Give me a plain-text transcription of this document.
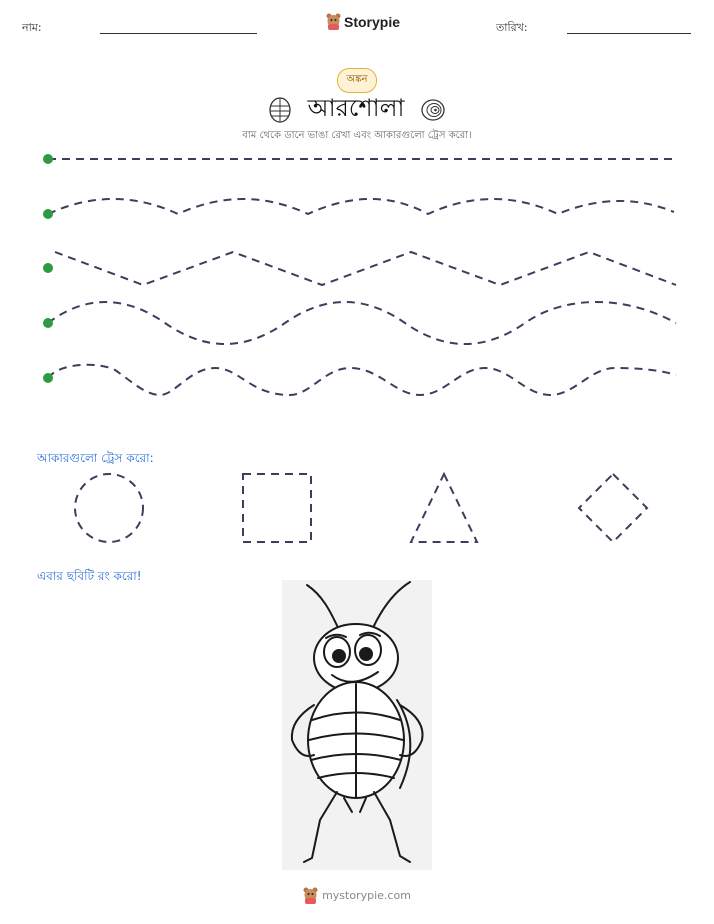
নাম:	Storypie	তারিখ:
অঙ্কন
আরশোলা
বাম থেকে ডানে ভাঙা রেখা এবং আকারগুলো ট্রেস করো।
আকারগুলো ট্রেস করো:
এবার ছবিটি রং করো!
mystorypie.com
